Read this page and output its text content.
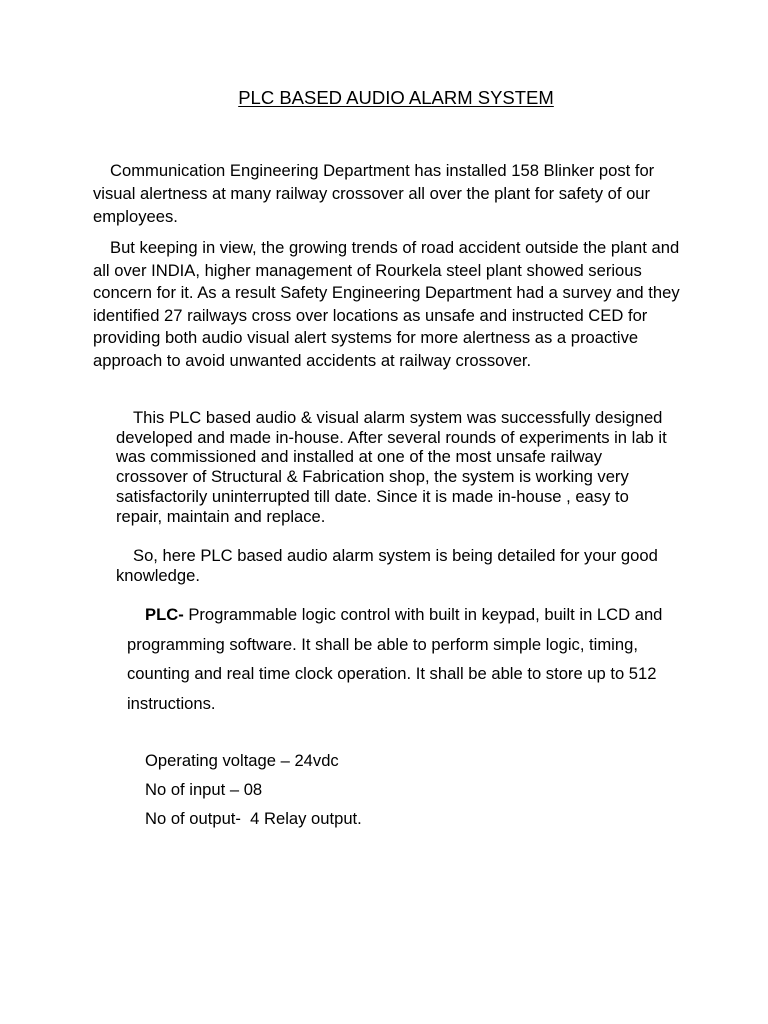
PLC BASED AUDIO ALARM SYSTEM

Communication Engineering Department has installed 158 Blinker post for visual alertness at many railway crossover all over the plant for safety of our employees.

But keeping in view, the growing trends of road accident outside the plant and all over INDIA, higher management of Rourkela steel plant showed serious concern for it. As a result Safety Engineering Department had a survey and they identified 27 railways cross over locations as unsafe and instructed CED for providing both audio visual alert systems for more alertness as a proactive approach to avoid unwanted accidents at railway crossover.

This PLC based audio & visual alarm system was successfully designed developed and made in-house. After several rounds of experiments in lab it was commissioned and installed at one of the most unsafe railway crossover of Structural & Fabrication shop, the system is working very satisfactorily uninterrupted till date. Since it is made in-house , easy to repair, maintain and replace.

So, here PLC based audio alarm system is being detailed for your good knowledge.

PLC- Programmable logic control with built in keypad, built in LCD and programming software. It shall be able to perform simple logic, timing, counting and real time clock operation. It shall be able to store up to 512 instructions.

Operating voltage – 24vdc
No of input – 08
No of output-  4 Relay output.
